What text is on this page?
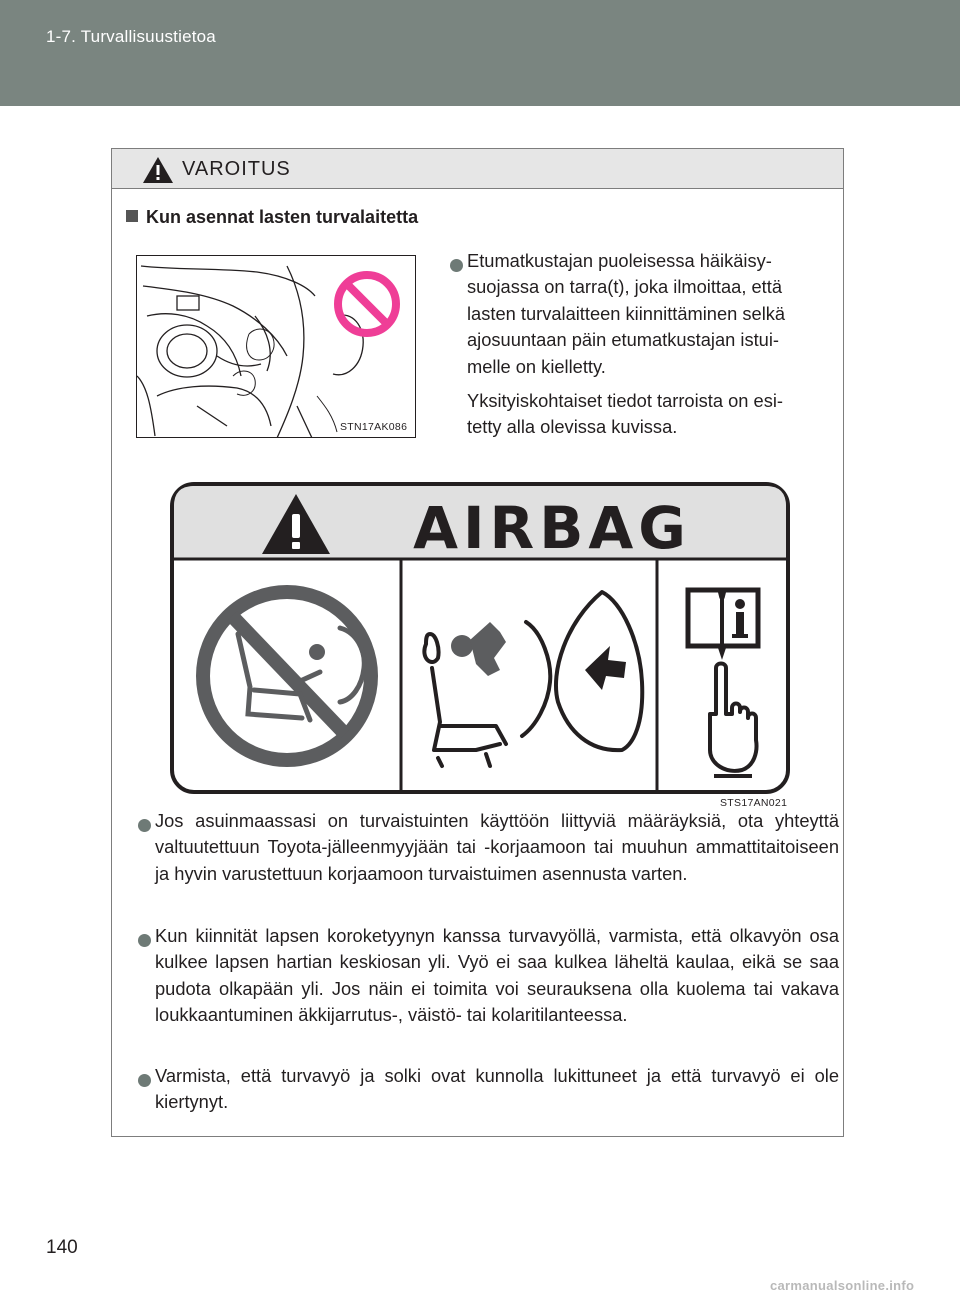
1-7. Turvallisuustietoa
VAROITUS
Kun asennat lasten turvalaitetta
STN17AK086
Etumatkustajan puoleisessa häikäisy-
suojassa on tarra(t), joka ilmoittaa, että
lasten turvalaitteen kiinnittäminen selkä
ajosuuntaan päin etumatkustajan istui-
melle on kielletty.
Yksityiskohtaiset tiedot tarroista on esi-
tetty alla olevissa kuvissa.
AIRBAG
STS17AN021
Jos asuinmaassasi on turvaistuinten käyttöön liittyviä määräyksiä, ota yhteyttä valtuutettuun Toyota-jälleenmyyjään tai -korjaamoon tai muuhun ammattitaitoiseen ja hyvin varustettuun korjaamoon turvaistuimen asennusta varten.
Kun kiinnität lapsen koroketyynyn kanssa turvavyöllä, varmista, että olkavyön osa kulkee lapsen hartian keskiosan yli. Vyö ei saa kulkea läheltä kaulaa, eikä se saa pudota olkapään yli. Jos näin ei toimita voi seurauksena olla kuolema tai vakava loukkaantuminen äkkijarrutus-, väistö- tai kolaritilanteessa.
Varmista, että turvavyö ja solki ovat kunnolla lukittuneet ja että turvavyö ei ole kiertynyt.
140
carmanualsonline.info
